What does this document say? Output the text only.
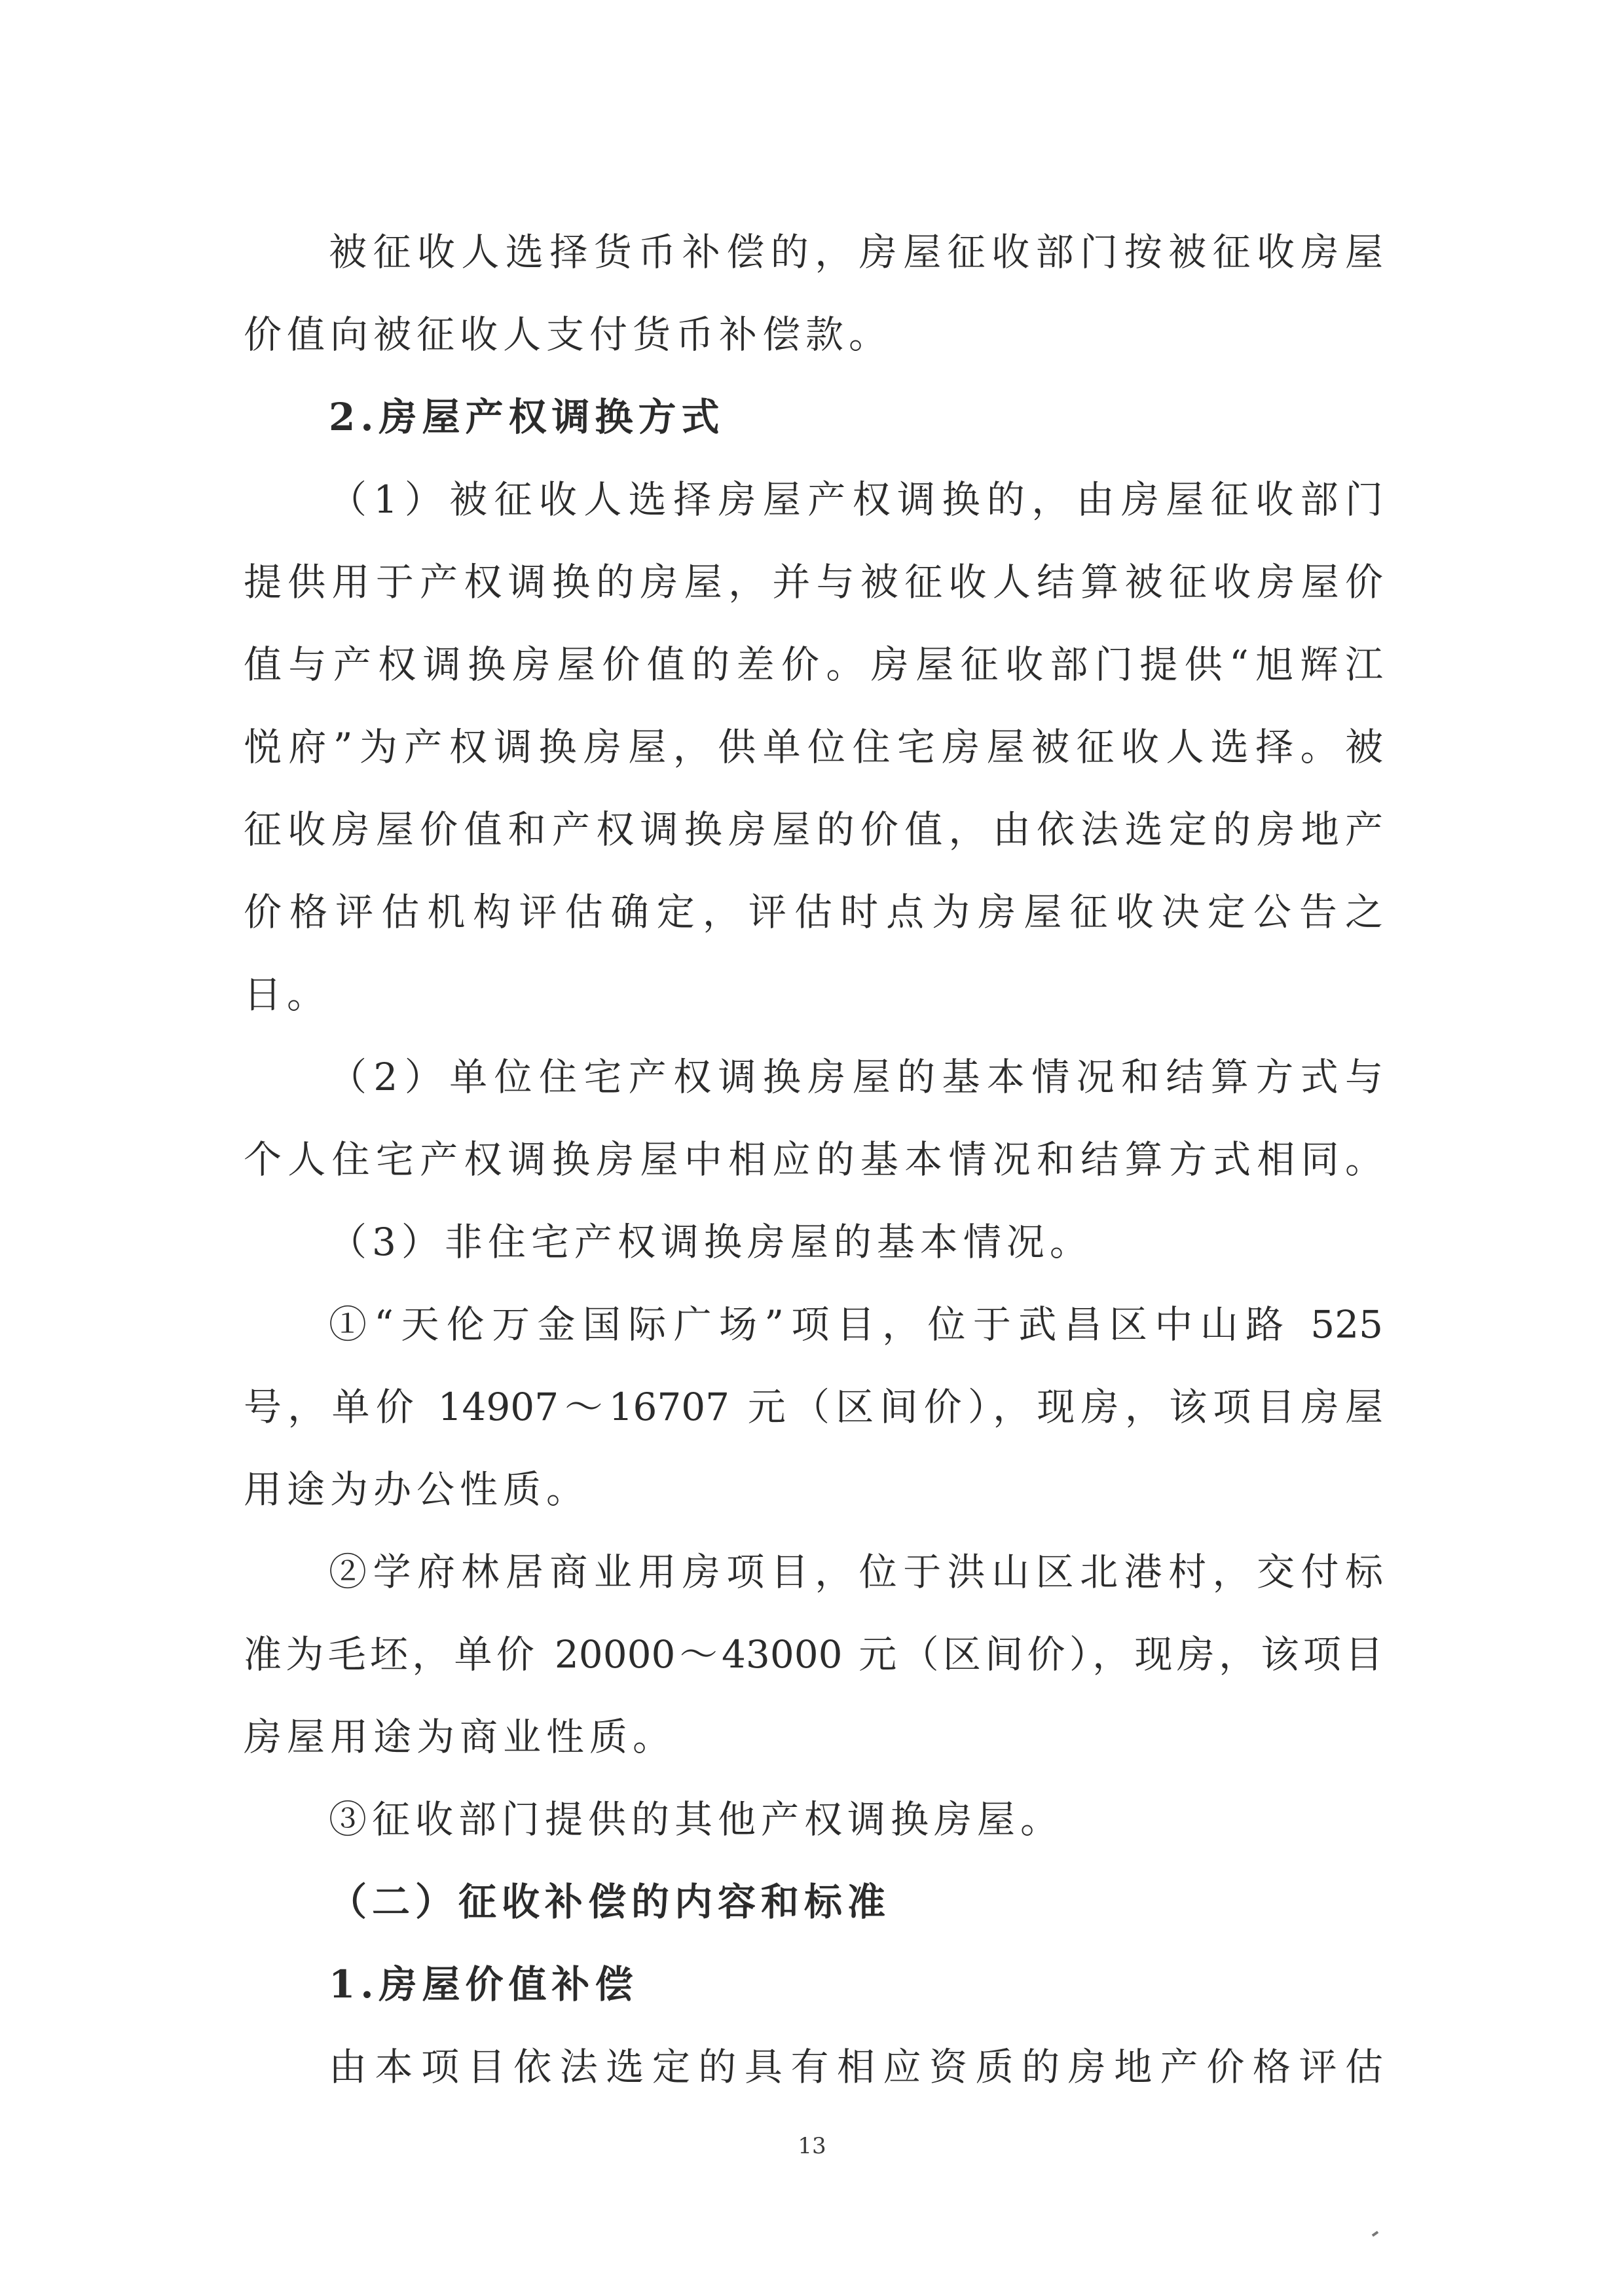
被征收人选择货币补偿的，房屋征收部门按被征收房屋
价值向被征收人支付货币补偿款。
2.房屋产权调换方式
（1）被征收人选择房屋产权调换的，由房屋征收部门
提供用于产权调换的房屋，并与被征收人结算被征收房屋价
值与产权调换房屋价值的差价。房屋征收部门提供“旭辉江
悦府”为产权调换房屋，供单位住宅房屋被征收人选择。被
征收房屋价值和产权调换房屋的价值，由依法选定的房地产
价格评估机构评估确定，评估时点为房屋征收决定公告之
日。
（2）单位住宅产权调换房屋的基本情况和结算方式与
个人住宅产权调换房屋中相应的基本情况和结算方式相同。
（3）非住宅产权调换房屋的基本情况。
①“天伦万金国际广场”项目，位于武昌区中山路 525
号，单价 14907～16707 元（区间价），现房，该项目房屋
用途为办公性质。
②学府林居商业用房项目，位于洪山区北港村，交付标
准为毛坯，单价 20000～43000 元（区间价），现房，该项目
房屋用途为商业性质。
③征收部门提供的其他产权调换房屋。
（二）征收补偿的内容和标准
1.房屋价值补偿
由本项目依法选定的具有相应资质的房地产价格评估
13
